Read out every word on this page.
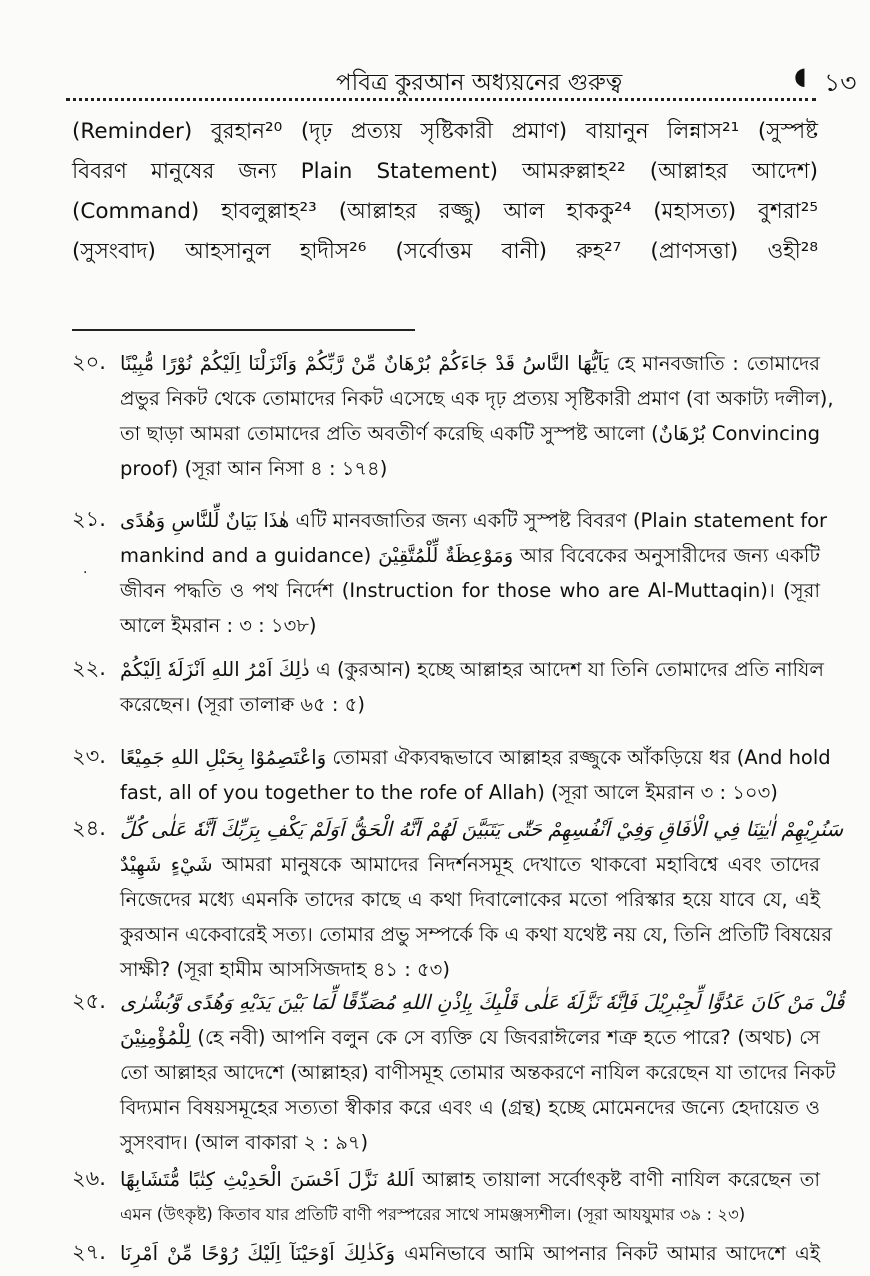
পবিত্র কুরআন অধ্যয়নের গুরুত্ব	◖ ১৩

(Reminder) বুরহান²⁰ (দৃঢ় প্রত্যয় সৃষ্টিকারী প্রমাণ) বায়ানুন লিন্নাস²¹ (সুস্পষ্ট

বিবরণ মানুষের জন্য Plain Statement) আমরুল্লাহ²² (আল্লাহর আদেশ)

(Command) হাবলুল্লাহ²³ (আল্লাহর রজ্জু) আল হাককু²⁴ (মহাসত্য) বুশরা²⁵

(সুসংবাদ) আহসানুল হাদীস²⁶ (সর্বোত্তম বানী) রুহ²⁷ (প্রাণসত্তা) ওহী²⁸

২০. يَاَيُّهَا النَّاسُ قَدْ جَاءَكُمْ بُرْهَانٌ مِّنْ رَّبِّكُمْ وَاَنْزَلْنَا اِلَيْكُمْ نُوْرًا مُّبِيْنًا হে মানবজাতি : তোমাদের
প্রভুর নিকট থেকে তোমাদের নিকট এসেছে এক দৃঢ় প্রত্যয় সৃষ্টিকারী প্রমাণ (বা অকাট্য দলীল),
তা ছাড়া আমরা তোমাদের প্রতি অবতীর্ণ করেছি একটি সুস্পষ্ট আলো (بُرْهَانٌ Convincing
proof) (সূরা আন নিসা ৪ : ১৭৪)
২১. هٰذَا بَيَانٌ لِّلنَّاسِ وَهُدًى এটি মানবজাতির জন্য একটি সুস্পষ্ট বিবরণ (Plain statement for
mankind and a guidance) وَمَوْعِظَةٌ لِّلْمُتَّقِيْنَ আর বিবেকের অনুসারীদের জন্য একটি
জীবন পদ্ধতি ও পথ নির্দেশ (Instruction for those who are Al-Muttaqin)। (সূরা
আলে ইমরান : ৩ : ১৩৮)
·
২২. ذٰلِكَ اَمْرُ اللهِ اَنْزَلَهٗ اِلَيْكُمْ এ (কুরআন) হচ্ছে আল্লাহর আদেশ যা তিনি তোমাদের প্রতি নাযিল
করেছেন। (সূরা তালাক্ব ৬৫ : ৫)
২৩. وَاعْتَصِمُوْا بِحَبْلِ اللهِ جَمِيْعًا তোমরা ঐক্যবদ্ধভাবে আল্লাহর রজ্জুকে আঁকড়িয়ে ধর (And hold
fast, all of you together to the rofe of Allah) (সূরা আলে ইমরান ৩ : ১০৩)
২৪. سَنُرِيْهِمْ اٰيٰتِنَا فِي الْاٰفَاقِ وَفِيْ اَنْفُسِهِمْ حَتّٰى يَتَبَيَّنَ لَهُمْ اَنَّهُ الْحَقُّ اَوَلَمْ يَكْفِ بِرَبِّكَ اَنَّهٗ عَلٰى كُلِّ
شَيْءٍ شَهِيْدٌ আমরা মানুষকে আমাদের নিদর্শনসমূহ দেখাতে থাকবো মহাবিশ্বে এবং তাদের
নিজেদের মধ্যে এমনকি তাদের কাছে এ কথা দিবালোকের মতো পরিস্কার হয়ে যাবে যে, এই
কুরআন একেবারেই সত্য। তোমার প্রভু সম্পর্কে কি এ কথা যথেষ্ট নয় যে, তিনি প্রতিটি বিষয়ের
সাক্ষী? (সূরা হামীম আসসিজদাহ ৪১ : ৫৩)
২৫. قُلْ مَنْ كَانَ عَدُوًّا لِّجِبْرِيْلَ فَاِنَّهٗ نَزَّلَهٗ عَلٰى قَلْبِكَ بِاِذْنِ اللهِ مُصَدِّقًا لِّمَا بَيْنَ يَدَيْهِ وَهُدًى وَّبُشْرٰى
لِلْمُؤْمِنِيْنَ (হে নবী) আপনি বলুন কে সে ব্যক্তি যে জিবরাঈলের শত্রু হতে পারে? (অথচ) সে
তো আল্লাহর আদেশে (আল্লাহর) বাণীসমূহ তোমার অন্তকরণে নাযিল করেছেন যা তাদের নিকট
বিদ্যমান বিষয়সমূহের সত্যতা স্বীকার করে এবং এ (গ্রন্থ) হচ্ছে মোমেনদের জন্যে হেদায়েত ও
সুসংবাদ। (আল বাকারা ২ : ৯৭)
২৬. اَللهُ نَزَّلَ اَحْسَنَ الْحَدِيْثِ كِتٰبًا مُّتَشَابِهًا আল্লাহ তায়ালা সর্বোৎকৃষ্ট বাণী নাযিল করেছেন তা
এমন (উৎকৃষ্ট) কিতাব যার প্রতিটি বাণী পরস্পরের সাথে সামঞ্জস্যশীল। (সূরা আযযুমার ৩৯ : ২৩)
২৭. وَكَذٰلِكَ اَوْحَيْنَآ اِلَيْكَ رُوْحًا مِّنْ اَمْرِنَا এমনিভাবে আমি আপনার নিকট আমার আদেশে এই
